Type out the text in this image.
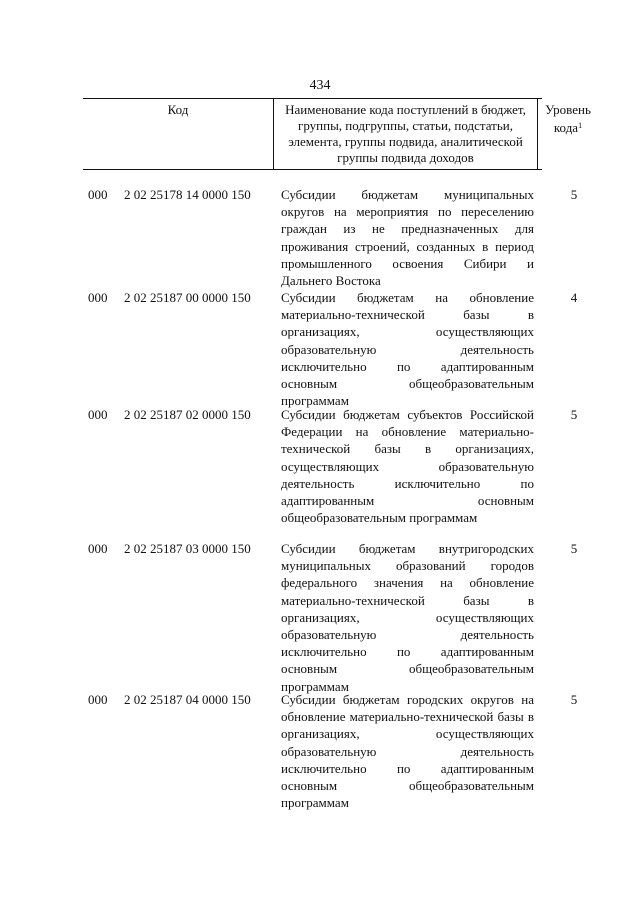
434
Код	Наименование кода поступлений в бюджет, группы, подгруппы, статьи, подстатьи, элемента, группы подвида, аналитической группы подвида доходов
Уровень кода$^1$
000 2 02 25178 14 0000 150 Субсидии бюджетам муниципальных округов на мероприятия по переселению граждан из не предназначенных для проживания строений, созданных в период промышленного освоения Сибири и Дальнего Востока
5
000 2 02 25187 00 0000 150 Субсидии бюджетам на обновление материально-технической базы в организациях, осуществляющих образовательную деятельность исключительно по адаптированным основным общеобразовательным программам
4
000 2 02 25187 02 0000 150 Субсидии бюджетам субъектов Российской Федерации на обновление материально-технической базы в организациях, осуществляющих образовательную деятельность исключительно по адаптированным основным общеобразовательным программам
5
000 2 02 25187 03 0000 150 Субсидии бюджетам внутригородских муниципальных образований городов федерального значения на обновление материально-технической базы в организациях, осуществляющих образовательную деятельность исключительно по адаптированным основным общеобразовательным программам
5
000 2 02 25187 04 0000 150 Субсидии бюджетам городских округов на обновление материально-технической базы в организациях, осуществляющих образовательную деятельность исключительно по адаптированным основным общеобразовательным программам
5
